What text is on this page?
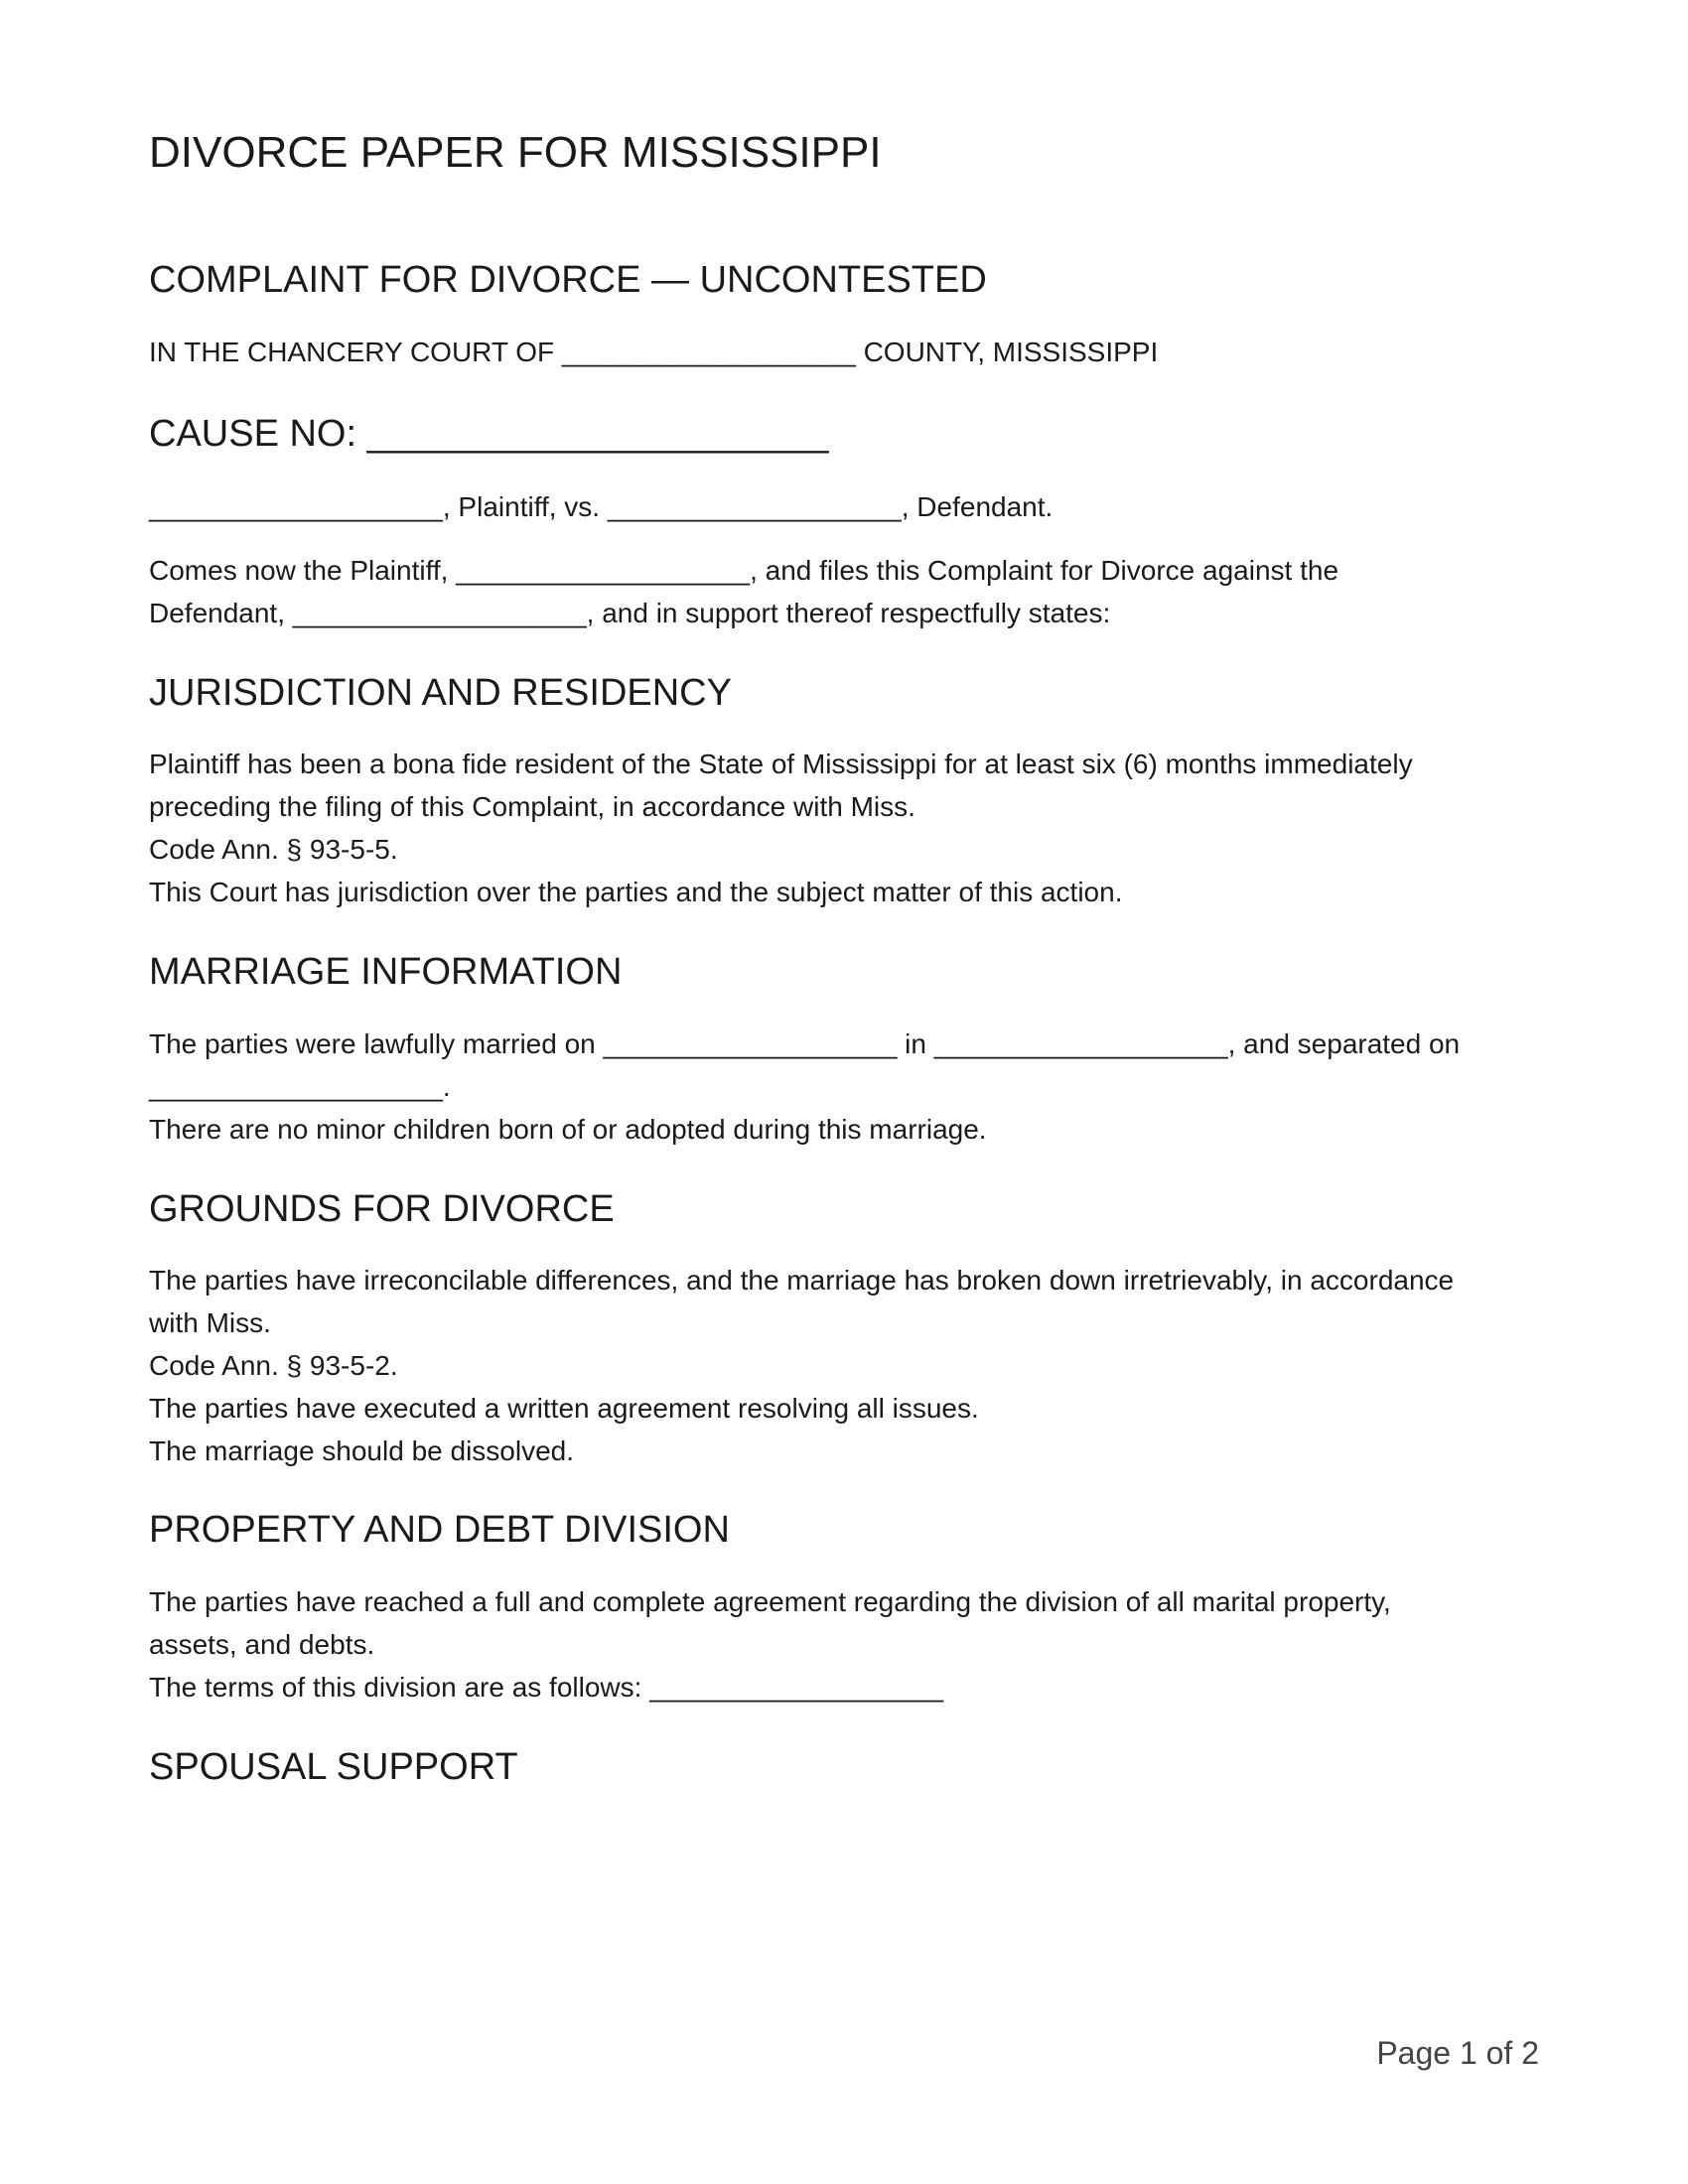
DIVORCE PAPER FOR MISSISSIPPI
COMPLAINT FOR DIVORCE — UNCONTESTED

IN THE CHANCERY COURT OF ___________________ COUNTY, MISSISSIPPI

CAUSE NO: ______________________

___________________, Plaintiff, vs. ___________________, Defendant.

Comes now the Plaintiff, ___________________, and files this Complaint for Divorce against the
Defendant, ___________________, and in support thereof respectfully states:

JURISDICTION AND RESIDENCY

Plaintiff has been a bona fide resident of the State of Mississippi for at least six (6) months immediately
preceding the filing of this Complaint, in accordance with Miss.
Code Ann. § 93-5-5.
This Court has jurisdiction over the parties and the subject matter of this action.

MARRIAGE INFORMATION

The parties were lawfully married on ___________________ in ___________________, and separated on
___________________.
There are no minor children born of or adopted during this marriage.

GROUNDS FOR DIVORCE

The parties have irreconcilable differences, and the marriage has broken down irretrievably, in accordance
with Miss.
Code Ann. § 93-5-2.
The parties have executed a written agreement resolving all issues.
The marriage should be dissolved.

PROPERTY AND DEBT DIVISION

The parties have reached a full and complete agreement regarding the division of all marital property,
assets, and debts.
The terms of this division are as follows: ___________________

SPOUSAL SUPPORT
Page 1 of 2
